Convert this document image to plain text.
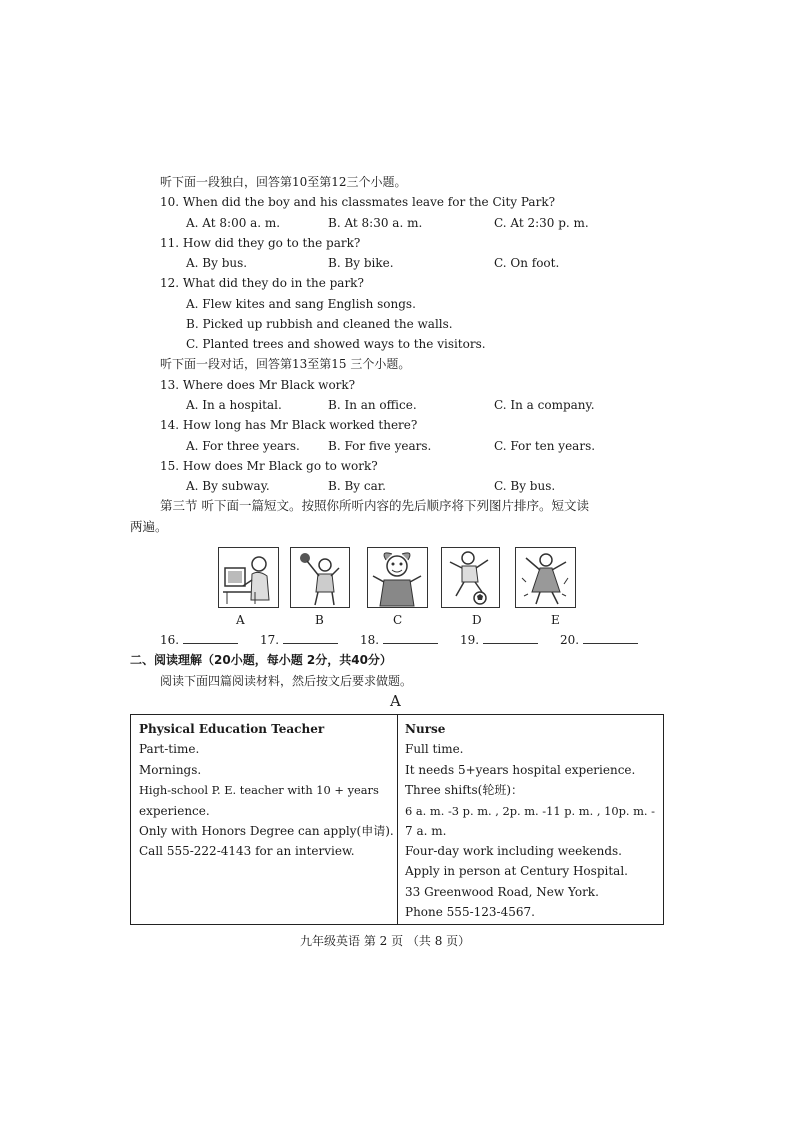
听下面一段独白，回答第10至第12三个小题。
10. When did the boy and his classmates leave for the City Park?
A. At 8:00 a. m.	B. At 8:30 a. m.	C. At 2:30 p. m.
11. How did they go to the park?
A. By bus.	B. By bike.	C. On foot.
12. What did they do in the park?
A. Flew kites and sang English songs.
B. Picked up rubbish and cleaned the walls.
C. Planted trees and showed ways to the visitors.
听下面一段对话，回答第13至第15 三个小题。
13. Where does Mr Black work?
A. In a hospital.	B. In an office.	C. In a company.
14. How long has Mr Black worked there?
A. For three years. B. For five years.	C. For ten years.
15. How does Mr Black go to work?
A. By subway.	B. By car.	C. By bus.
第三节 听下面一篇短文。按照你所听内容的先后顺序将下列图片排序。短文读
两遍。
A	B	C	D	E
16.	17.	18.	19.	20.
二、阅读理解（20小题，每小题 2分，共40分）
阅读下面四篇阅读材料，然后按文后要求做题。
A
Physical Education Teacher
Part-time.
Mornings.
High-school P. E. teacher with 10 + years
experience.
Only with Honors Degree can apply(申请).
Call 555-222-4143 for an interview.
Nurse
Full time.
It needs 5+years hospital experience.
Three shifts(轮班)：
6 a. m. -3 p. m. , 2p. m. -11 p. m. , 10p. m. -
7 a. m.
Four-day work including weekends.
Apply in person at Century Hospital.
33 Greenwood Road, New York.
Phone 555-123-4567.
九年级英语 第 2 页 （共 8 页）
